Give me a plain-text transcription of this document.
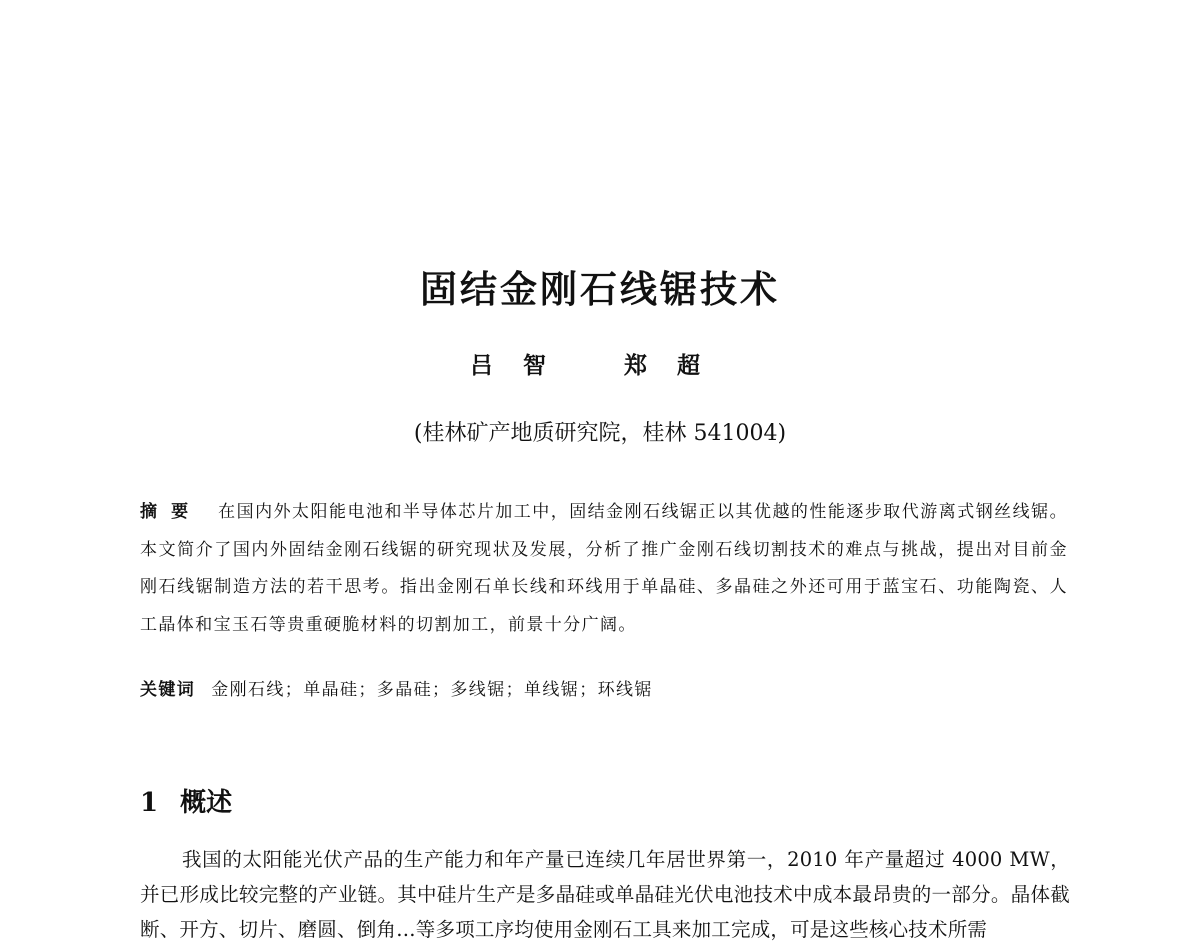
固结金刚石线锯技术
吕智 郑超
(桂林矿产地质研究院，桂林 541004)
摘要 在国内外太阳能电池和半导体芯片加工中，固结金刚石线锯正以其优越的性能逐步取代游离式钢丝线锯。本文简介了国内外固结金刚石线锯的研究现状及发展，分析了推广金刚石线切割技术的难点与挑战，提出对目前金刚石线锯制造方法的若干思考。指出金刚石单长线和环线用于单晶硅、多晶硅之外还可用于蓝宝石、功能陶瓷、人工晶体和宝玉石等贵重硬脆材料的切割加工，前景十分广阔。
关键词 金刚石线；单晶硅；多晶硅；多线锯；单线锯；环线锯
1 概述

我国的太阳能光伏产品的生产能力和年产量已连续几年居世界第一，2010 年产量超过 4000 MW，并已形成比较完整的产业链。其中硅片生产是多晶硅或单晶硅光伏电池技术中成本最昂贵的一部分。晶体截断、开方、切片、磨圆、倒角…等多项工序均使用金刚石工具来加工完成，可是这些核心技术所需
